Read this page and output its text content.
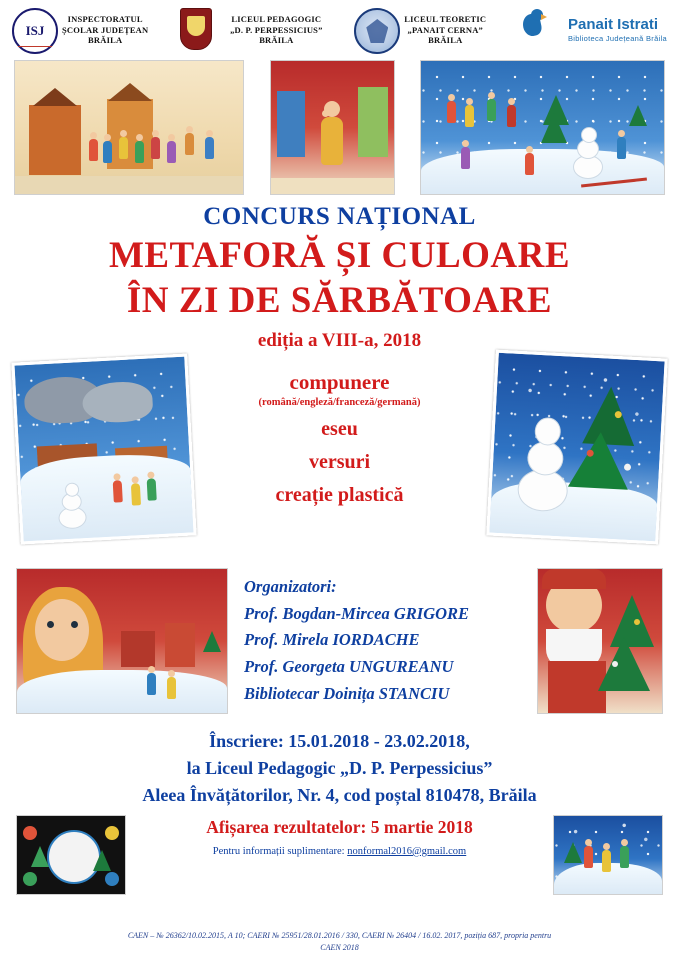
ISJ
INSPECTORATUL
ȘCOLAR JUDEȚEAN
BRĂILA
LICEUL PEDAGOGIC
„D. P. PERPESSICIUS”
BRĂILA
LICEUL TEORETIC
„PANAIT CERNA”
BRĂILA
Panait Istrati
Biblioteca Județeană Brăila
CONCURS NAȚIONAL
METAFORĂ ȘI CULOARE
ÎN ZI DE SĂRBĂTOARE
ediția a VIII-a, 2018
compunere
(română/engleză/franceză/germană)
eseu
versuri
creație plastică
Organizatori:
Prof. Bogdan-Mircea GRIGORE
Prof. Mirela IORDACHE
Prof. Georgeta UNGUREANU
Bibliotecar Doinița STANCIU
Înscriere: 15.01.2018 - 23.02.2018,
la Liceul Pedagogic „D. P. Perpessicius”
Aleea Învățătorilor, Nr. 4, cod poștal 810478, Brăila
Afișarea rezultatelor: 5 martie 2018
Pentru informații suplimentare: nonformal2016@gmail.com
CAEN – № 26362/10.02.2015, A 10; CAERI № 25951/28.01.2016 / 330, CAERI № 26404 / 16.02. 2017, poziția 687, propria pentru
CAEN 2018
